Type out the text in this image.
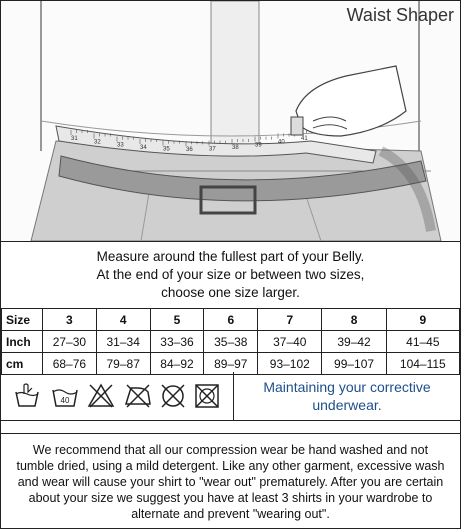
31
32
33	34	35	36	37	38	39
40
41
Waist Shaper
Measure around the fullest part of your Belly.
At the end of your size or between two sizes,
choose one size larger.
Size	3	4	5	6	7	8	9
Inch	27–30	31–34	33–36	35–38	37–40	39–42	41–45
cm	68–76	79–87	84–92	89–97	93–102	99–107	104–115
40
Maintaining your corrective underwear.

We recommend that all our compression wear be hand washed and not tumble dried, using a mild detergent. Like any other garment, excessive wash and wear will cause your shirt to "wear out" prematurely. After you are certain about your size we suggest you have at least 3 shirts in your wardrobe to alternate and prevent "wearing out".
